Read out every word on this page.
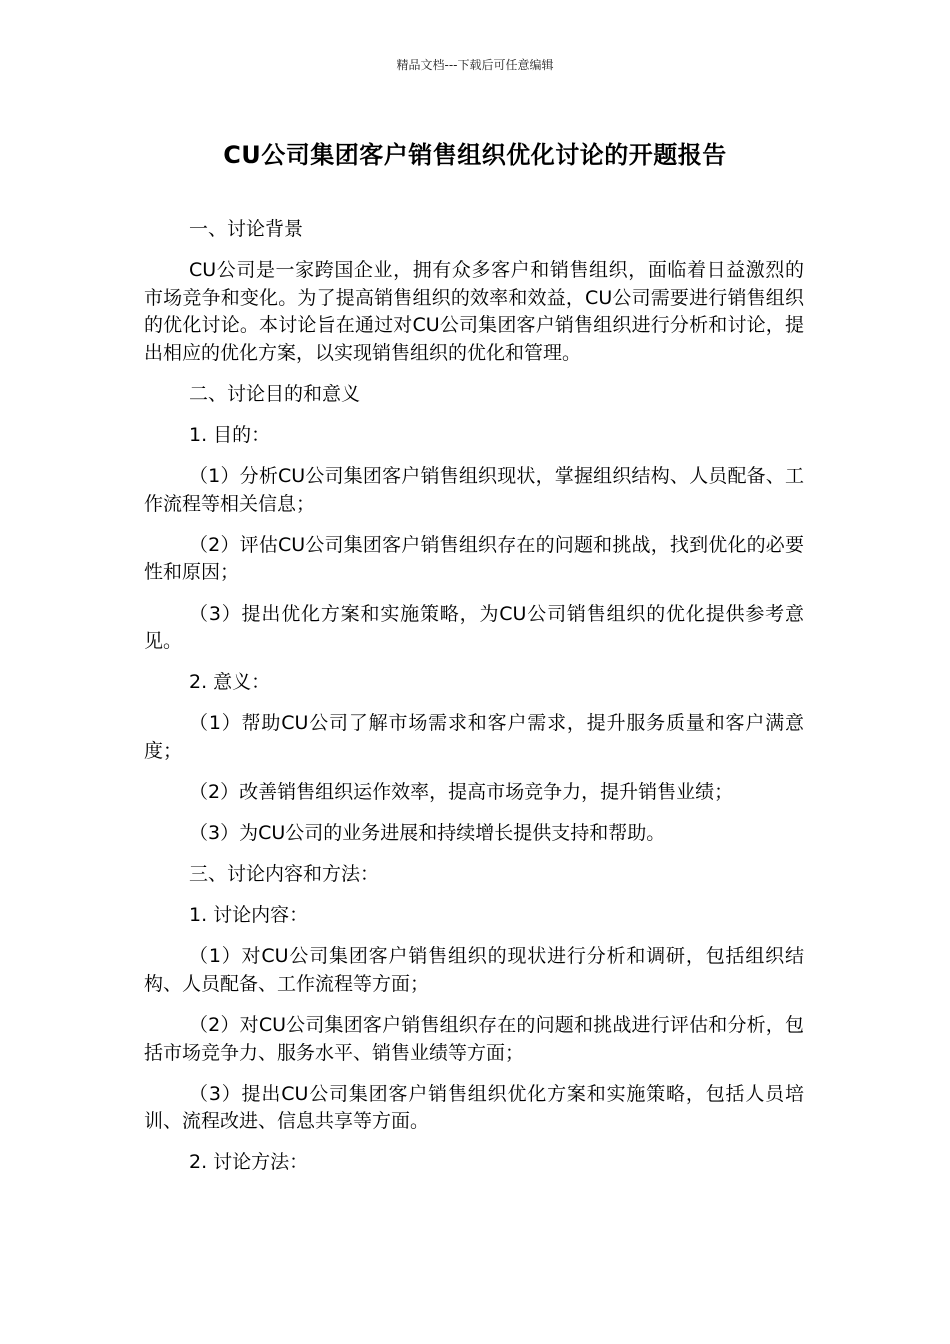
精品文档---下载后可任意编辑
CU公司集团客户销售组织优化讨论的开题报告

一、讨论背景

CU公司是一家跨国企业，拥有众多客户和销售组织，面临着日益激烈的市场竞争和变化。为了提高销售组织的效率和效益，CU公司需要进行销售组织的优化讨论。本讨论旨在通过对CU公司集团客户销售组织进行分析和讨论，提出相应的优化方案，以实现销售组织的优化和管理。

二、讨论目的和意义

1. 目的：

（1）分析CU公司集团客户销售组织现状，掌握组织结构、人员配备、工作流程等相关信息；

（2）评估CU公司集团客户销售组织存在的问题和挑战，找到优化的必要性和原因；

（3）提出优化方案和实施策略，为CU公司销售组织的优化提供参考意见。

2. 意义：

（1）帮助CU公司了解市场需求和客户需求，提升服务质量和客户满意度；

（2）改善销售组织运作效率，提高市场竞争力，提升销售业绩；

（3）为CU公司的业务进展和持续增长提供支持和帮助。

三、讨论内容和方法：

1. 讨论内容：

（1）对CU公司集团客户销售组织的现状进行分析和调研，包括组织结构、人员配备、工作流程等方面；

（2）对CU公司集团客户销售组织存在的问题和挑战进行评估和分析，包括市场竞争力、服务水平、销售业绩等方面；

（3）提出CU公司集团客户销售组织优化方案和实施策略，包括人员培训、流程改进、信息共享等方面。

2. 讨论方法：
